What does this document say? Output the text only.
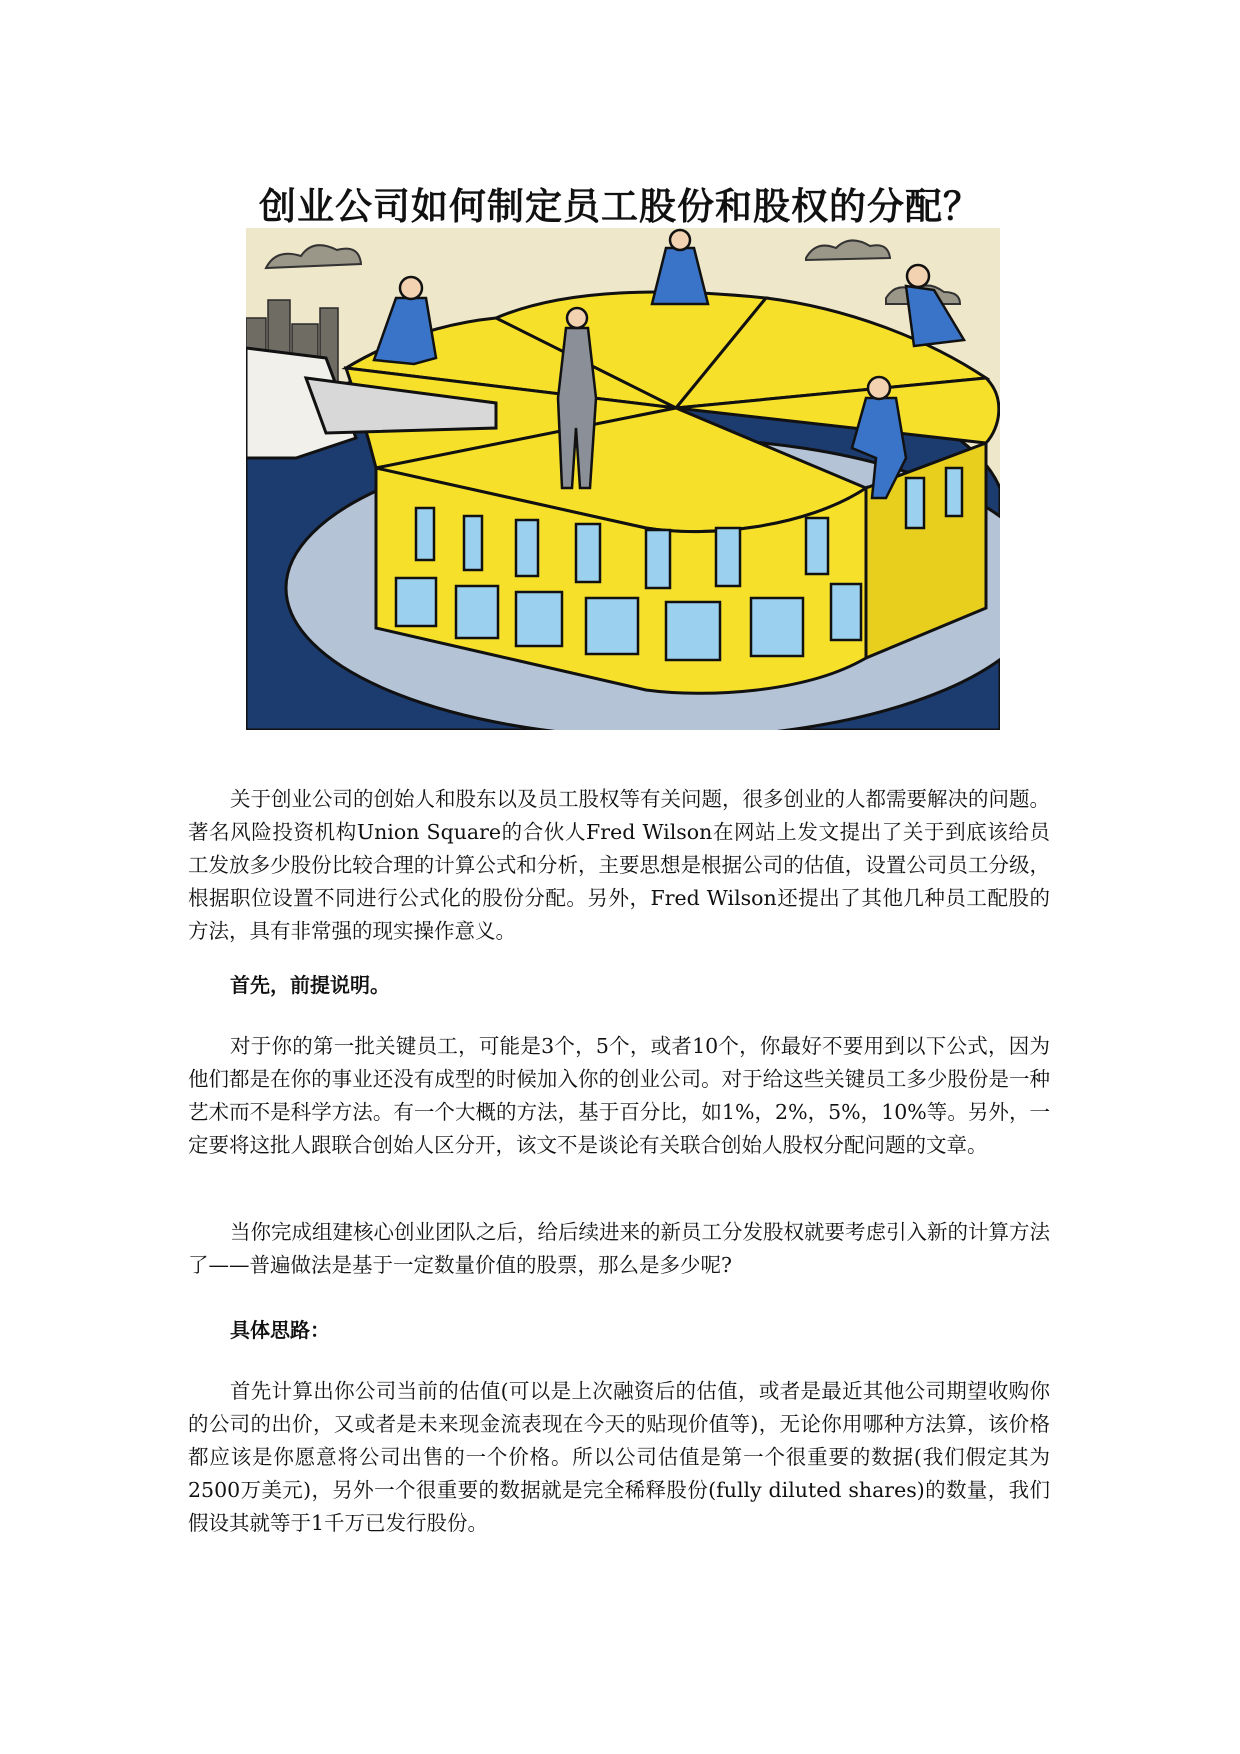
创业公司如何制定员工股份和股权的分配？

关于创业公司的创始人和股东以及员工股权等有关问题，很多创业的人都需要解决的问题。著名风险投资机构Union Square的合伙人Fred Wilson在网站上发文提出了关于到底该给员工发放多少股份比较合理的计算公式和分析，主要思想是根据公司的估值，设置公司员工分级，根据职位设置不同进行公式化的股份分配。另外，Fred Wilson还提出了其他几种员工配股的方法，具有非常强的现实操作意义。

首先，前提说明。

对于你的第一批关键员工，可能是3个，5个，或者10个，你最好不要用到以下公式，因为他们都是在你的事业还没有成型的时候加入你的创业公司。对于给这些关键员工多少股份是一种艺术而不是科学方法。有一个大概的方法，基于百分比，如1%，2%，5%，10%等。另外，一定要将这批人跟联合创始人区分开，该文不是谈论有关联合创始人股权分配问题的文章。

当你完成组建核心创业团队之后，给后续进来的新员工分发股权就要考虑引入新的计算方法了——普遍做法是基于一定数量价值的股票，那么是多少呢?

具体思路：

首先计算出你公司当前的估值(可以是上次融资后的估值，或者是最近其他公司期望收购你的公司的出价，又或者是未来现金流表现在今天的贴现价值等)，无论你用哪种方法算，该价格都应该是你愿意将公司出售的一个价格。所以公司估值是第一个很重要的数据(我们假定其为2500万美元)，另外一个很重要的数据就是完全稀释股份(fully diluted shares)的数量，我们假设其就等于1千万已发行股份。
